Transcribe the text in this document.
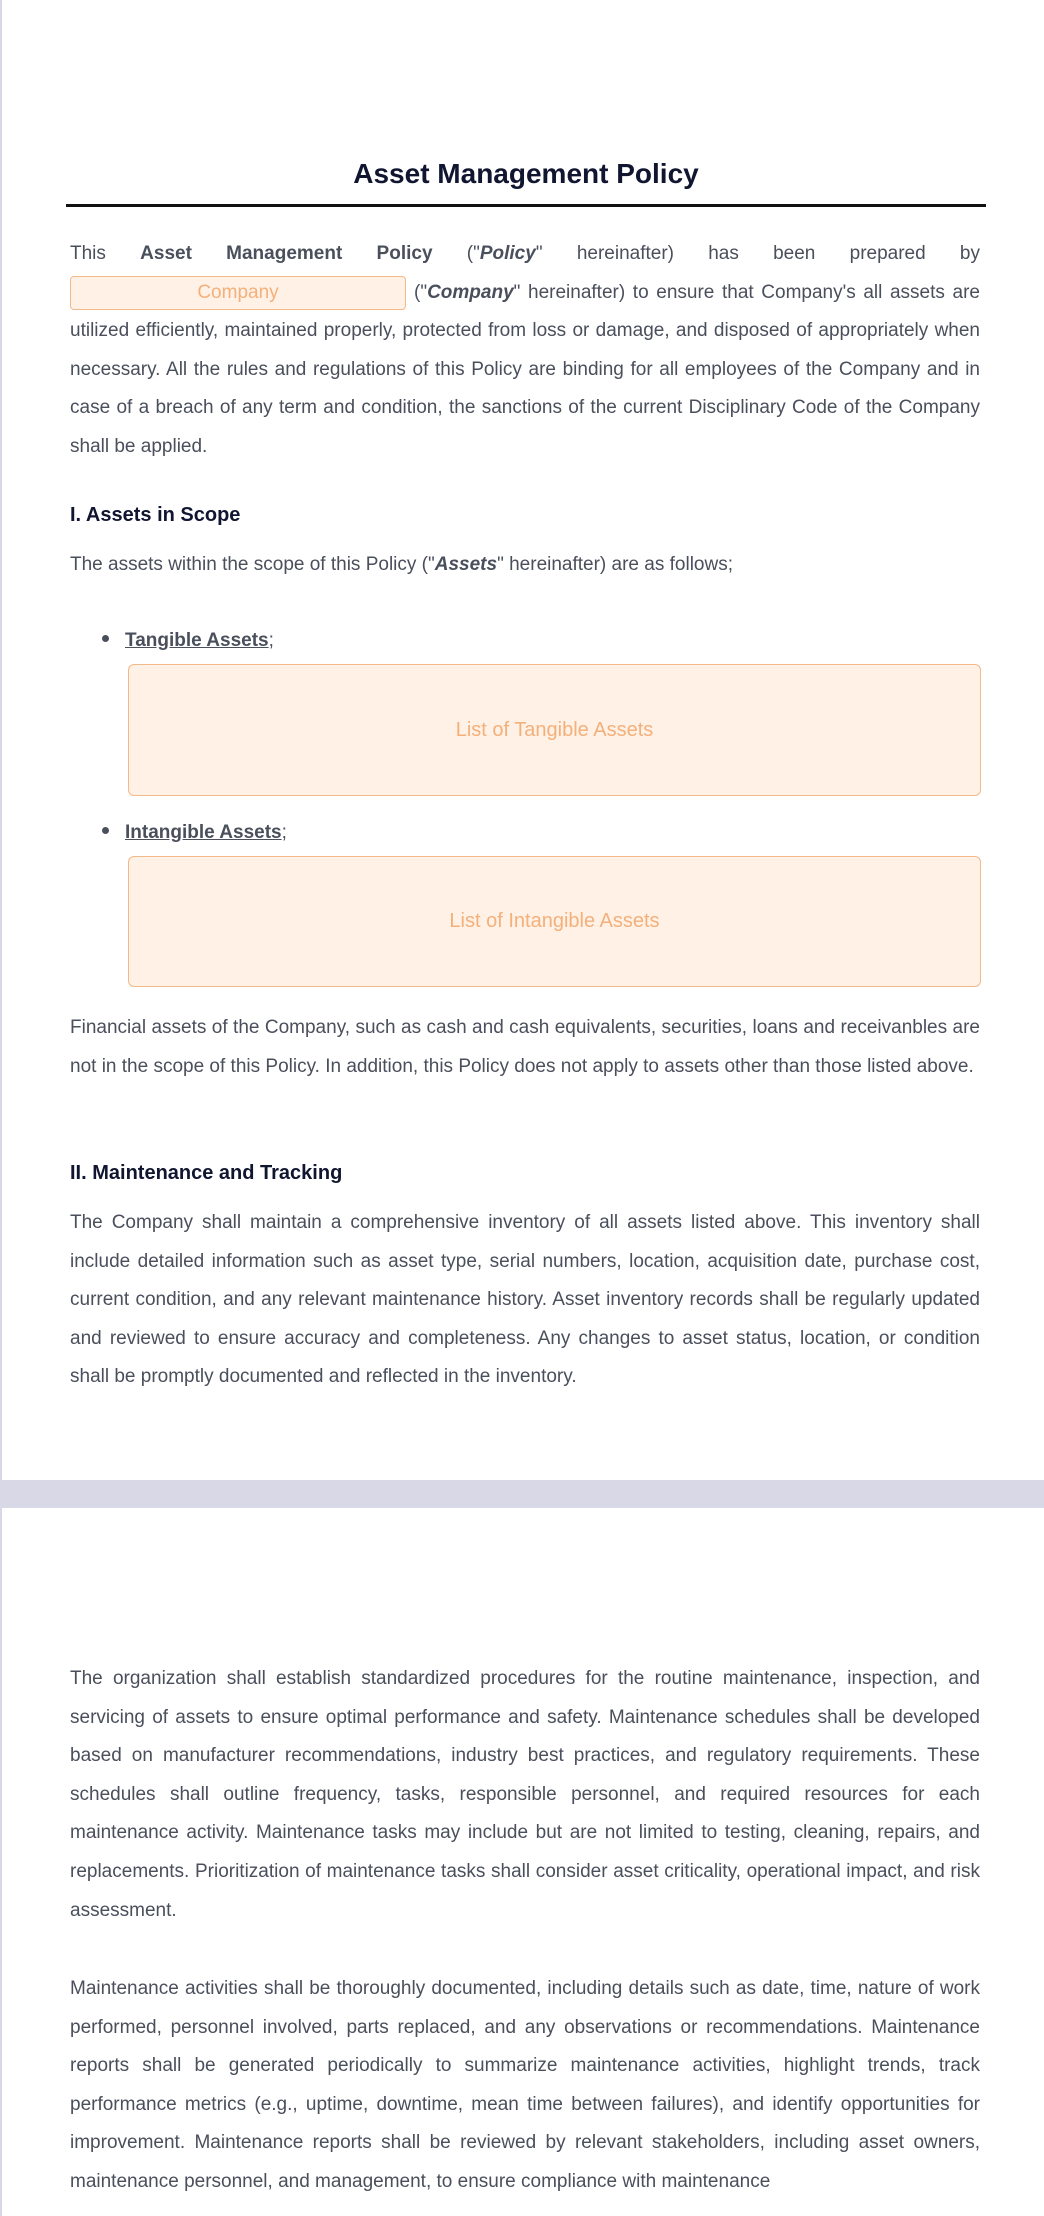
Asset Management Policy
This Asset Management Policy ("Policy" hereinafter) has been prepared by Company	("Company" hereinafter) to ensure that Company's all assets are utilized efficiently, maintained properly, protected from loss or damage, and disposed of appropriately when necessary. All the rules and regulations of this Policy are binding for all employees of the Company and in case of a breach of any term and condition, the sanctions of the current Disciplinary Code of the Company shall be applied.
I. Assets in Scope
The assets within the scope of this Policy ("Assets" hereinafter) are as follows;
Tangible Assets;
List of Tangible Assets
Intangible Assets;
List of Intangible Assets
Financial assets of the Company, such as cash and cash equivalents, securities, loans and receivanbles are not in the scope of this Policy. In addition, this Policy does not apply to assets other than those listed above.
II. Maintenance and Tracking
The Company shall maintain a comprehensive inventory of all assets listed above. This inventory shall include detailed information such as asset type, serial numbers, location, acquisition date, purchase cost, current condition, and any relevant maintenance history. Asset inventory records shall be regularly updated and reviewed to ensure accuracy and completeness. Any changes to asset status, location, or condition shall be promptly documented and reflected in the inventory.
The organization shall establish standardized procedures for the routine maintenance, inspection, and servicing of assets to ensure optimal performance and safety. Maintenance schedules shall be developed based on manufacturer recommendations, industry best practices, and regulatory requirements. These schedules shall outline frequency, tasks, responsible personnel, and required resources for each maintenance activity. Maintenance tasks may include but are not limited to testing, cleaning, repairs, and replacements. Prioritization of maintenance tasks shall consider asset criticality, operational impact, and risk assessment.
Maintenance activities shall be thoroughly documented, including details such as date, time, nature of work performed, personnel involved, parts replaced, and any observations or recommendations. Maintenance reports shall be generated periodically to summarize maintenance activities, highlight trends, track performance metrics (e.g., uptime, downtime, mean time between failures), and identify opportunities for improvement. Maintenance reports shall be reviewed by relevant stakeholders, including asset owners, maintenance personnel, and management, to ensure compliance with maintenance
